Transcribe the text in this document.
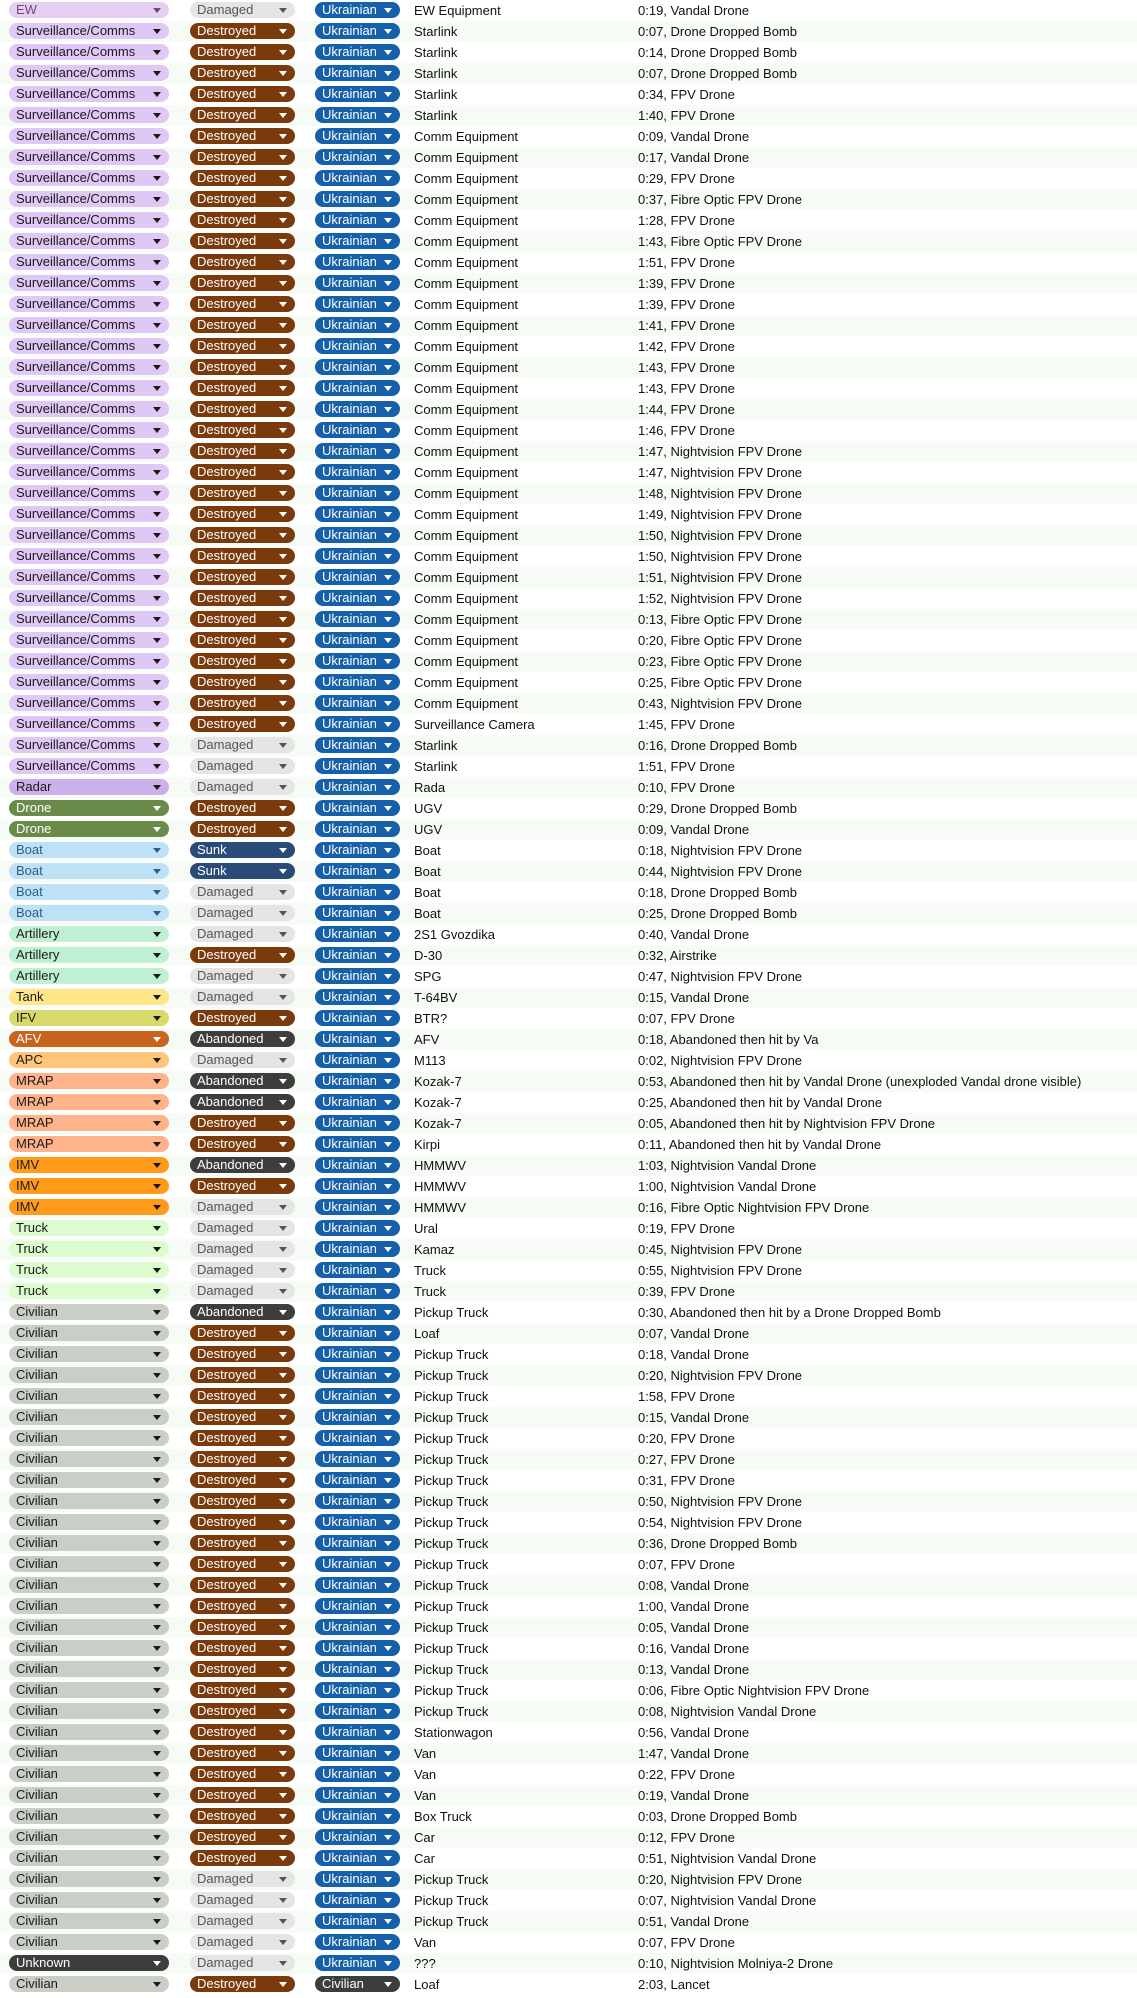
EW	Damaged	Ukrainian	EW Equipment	0:19, Vandal Drone
Surveillance/Comms	Destroyed	Ukrainian	Starlink	0:07, Drone Dropped Bomb
Surveillance/Comms	Destroyed	Ukrainian	Starlink	0:14, Drone Dropped Bomb
Surveillance/Comms	Destroyed	Ukrainian	Starlink	0:07, Drone Dropped Bomb
Surveillance/Comms	Destroyed	Ukrainian	Starlink	0:34, FPV Drone
Surveillance/Comms	Destroyed	Ukrainian	Starlink	1:40, FPV Drone
Surveillance/Comms	Destroyed	Ukrainian	Comm Equipment	0:09, Vandal Drone
Surveillance/Comms	Destroyed	Ukrainian	Comm Equipment	0:17, Vandal Drone
Surveillance/Comms	Destroyed	Ukrainian	Comm Equipment	0:29, FPV Drone
Surveillance/Comms	Destroyed	Ukrainian	Comm Equipment	0:37, Fibre Optic FPV Drone
Surveillance/Comms	Destroyed	Ukrainian	Comm Equipment	1:28, FPV Drone
Surveillance/Comms	Destroyed	Ukrainian	Comm Equipment	1:43, Fibre Optic FPV Drone
Surveillance/Comms	Destroyed	Ukrainian	Comm Equipment	1:51, FPV Drone
Surveillance/Comms	Destroyed	Ukrainian	Comm Equipment	1:39, FPV Drone
Surveillance/Comms	Destroyed	Ukrainian	Comm Equipment	1:39, FPV Drone
Surveillance/Comms	Destroyed	Ukrainian	Comm Equipment	1:41, FPV Drone
Surveillance/Comms	Destroyed	Ukrainian	Comm Equipment	1:42, FPV Drone
Surveillance/Comms	Destroyed	Ukrainian	Comm Equipment	1:43, FPV Drone
Surveillance/Comms	Destroyed	Ukrainian	Comm Equipment	1:43, FPV Drone
Surveillance/Comms	Destroyed	Ukrainian	Comm Equipment	1:44, FPV Drone
Surveillance/Comms	Destroyed	Ukrainian	Comm Equipment	1:46, FPV Drone
Surveillance/Comms	Destroyed	Ukrainian	Comm Equipment	1:47, Nightvision FPV Drone
Surveillance/Comms	Destroyed	Ukrainian	Comm Equipment	1:47, Nightvision FPV Drone
Surveillance/Comms	Destroyed	Ukrainian	Comm Equipment	1:48, Nightvision FPV Drone
Surveillance/Comms	Destroyed	Ukrainian	Comm Equipment	1:49, Nightvision FPV Drone
Surveillance/Comms	Destroyed	Ukrainian	Comm Equipment	1:50, Nightvision FPV Drone
Surveillance/Comms	Destroyed	Ukrainian	Comm Equipment	1:50, Nightvision FPV Drone
Surveillance/Comms	Destroyed	Ukrainian	Comm Equipment	1:51, Nightvision FPV Drone
Surveillance/Comms	Destroyed	Ukrainian	Comm Equipment	1:52, Nightvision FPV Drone
Surveillance/Comms	Destroyed	Ukrainian	Comm Equipment	0:13, Fibre Optic FPV Drone
Surveillance/Comms	Destroyed	Ukrainian	Comm Equipment	0:20, Fibre Optic FPV Drone
Surveillance/Comms	Destroyed	Ukrainian	Comm Equipment	0:23, Fibre Optic FPV Drone
Surveillance/Comms	Destroyed	Ukrainian	Comm Equipment	0:25, Fibre Optic FPV Drone
Surveillance/Comms	Destroyed	Ukrainian	Comm Equipment	0:43, Nightvision FPV Drone
Surveillance/Comms	Destroyed	Ukrainian	Surveillance Camera	1:45, FPV Drone
Surveillance/Comms	Damaged	Ukrainian	Starlink	0:16, Drone Dropped Bomb
Surveillance/Comms	Damaged	Ukrainian	Starlink	1:51, FPV Drone
Radar	Damaged	Ukrainian	Rada	0:10, FPV Drone
Drone	Destroyed	Ukrainian	UGV	0:29, Drone Dropped Bomb
Drone	Destroyed	Ukrainian	UGV	0:09, Vandal Drone
Boat	Sunk	Ukrainian	Boat	0:18, Nightvision FPV Drone
Boat	Sunk	Ukrainian	Boat	0:44, Nightvision FPV Drone
Boat	Damaged	Ukrainian	Boat	0:18, Drone Dropped Bomb
Boat	Damaged	Ukrainian	Boat	0:25, Drone Dropped Bomb
Artillery	Damaged	Ukrainian	2S1 Gvozdika	0:40, Vandal Drone
Artillery	Destroyed	Ukrainian	D-30	0:32, Airstrike
Artillery	Damaged	Ukrainian	SPG	0:47, Nightvision FPV Drone
Tank	Damaged	Ukrainian	T-64BV	0:15, Vandal Drone
IFV	Destroyed	Ukrainian	BTR?	0:07, FPV Drone
AFV	Abandoned	Ukrainian	AFV	0:18, Abandoned then hit by Va
APC	Damaged	Ukrainian	M113	0:02, Nightvision FPV Drone
MRAP	Abandoned	Ukrainian	Kozak-7	0:53, Abandoned then hit by Vandal Drone (unexploded Vandal drone visible)
MRAP	Abandoned	Ukrainian	Kozak-7	0:25, Abandoned then hit by Vandal Drone
MRAP	Destroyed	Ukrainian	Kozak-7	0:05, Abandoned then hit by Nightvision FPV Drone
MRAP	Destroyed	Ukrainian	Kirpi	0:11, Abandoned then hit by Vandal Drone
IMV	Abandoned	Ukrainian	HMMWV	1:03, Nightvision Vandal Drone
IMV	Destroyed	Ukrainian	HMMWV	1:00, Nightvision Vandal Drone
IMV	Damaged	Ukrainian	HMMWV	0:16, Fibre Optic Nightvision FPV Drone
Truck	Damaged	Ukrainian	Ural	0:19, FPV Drone
Truck	Damaged	Ukrainian	Kamaz	0:45, Nightvision FPV Drone
Truck	Damaged	Ukrainian	Truck	0:55, Nightvision FPV Drone
Truck	Damaged	Ukrainian	Truck	0:39, FPV Drone
Civilian	Abandoned	Ukrainian	Pickup Truck	0:30, Abandoned then hit by a Drone Dropped Bomb
Civilian	Destroyed	Ukrainian	Loaf	0:07, Vandal Drone
Civilian	Destroyed	Ukrainian	Pickup Truck	0:18, Vandal Drone
Civilian	Destroyed	Ukrainian	Pickup Truck	0:20, Nightvision FPV Drone
Civilian	Destroyed	Ukrainian	Pickup Truck	1:58, FPV Drone
Civilian	Destroyed	Ukrainian	Pickup Truck	0:15, Vandal Drone
Civilian	Destroyed	Ukrainian	Pickup Truck	0:20, FPV Drone
Civilian	Destroyed	Ukrainian	Pickup Truck	0:27, FPV Drone
Civilian	Destroyed	Ukrainian	Pickup Truck	0:31, FPV Drone
Civilian	Destroyed	Ukrainian	Pickup Truck	0:50, Nightvision FPV Drone
Civilian	Destroyed	Ukrainian	Pickup Truck	0:54, Nightvision FPV Drone
Civilian	Destroyed	Ukrainian	Pickup Truck	0:36, Drone Dropped Bomb
Civilian	Destroyed	Ukrainian	Pickup Truck	0:07, FPV Drone
Civilian	Destroyed	Ukrainian	Pickup Truck	0:08, Vandal Drone
Civilian	Destroyed	Ukrainian	Pickup Truck	1:00, Vandal Drone
Civilian	Destroyed	Ukrainian	Pickup Truck	0:05, Vandal Drone
Civilian	Destroyed	Ukrainian	Pickup Truck	0:16, Vandal Drone
Civilian	Destroyed	Ukrainian	Pickup Truck	0:13, Vandal Drone
Civilian	Destroyed	Ukrainian	Pickup Truck	0:06, Fibre Optic Nightvision FPV Drone
Civilian	Destroyed	Ukrainian	Pickup Truck	0:08, Nightvision Vandal Drone
Civilian	Destroyed	Ukrainian	Stationwagon	0:56, Vandal Drone
Civilian	Destroyed	Ukrainian	Van	1:47, Vandal Drone
Civilian	Destroyed	Ukrainian	Van	0:22, FPV Drone
Civilian	Destroyed	Ukrainian	Van	0:19, Vandal Drone
Civilian	Destroyed	Ukrainian	Box Truck	0:03, Drone Dropped Bomb
Civilian	Destroyed	Ukrainian	Car	0:12, FPV Drone
Civilian	Destroyed	Ukrainian	Car	0:51, Nightvision Vandal Drone
Civilian	Damaged	Ukrainian	Pickup Truck	0:20, Nightvision FPV Drone
Civilian	Damaged	Ukrainian	Pickup Truck	0:07, Nightvision Vandal Drone
Civilian	Damaged	Ukrainian	Pickup Truck	0:51, Vandal Drone
Civilian	Damaged	Ukrainian	Van	0:07, FPV Drone
Unknown	Damaged	Ukrainian	???	0:10, Nightvision Molniya-2 Drone
Civilian	Destroyed	Civilian	Loaf	2:03, Lancet
